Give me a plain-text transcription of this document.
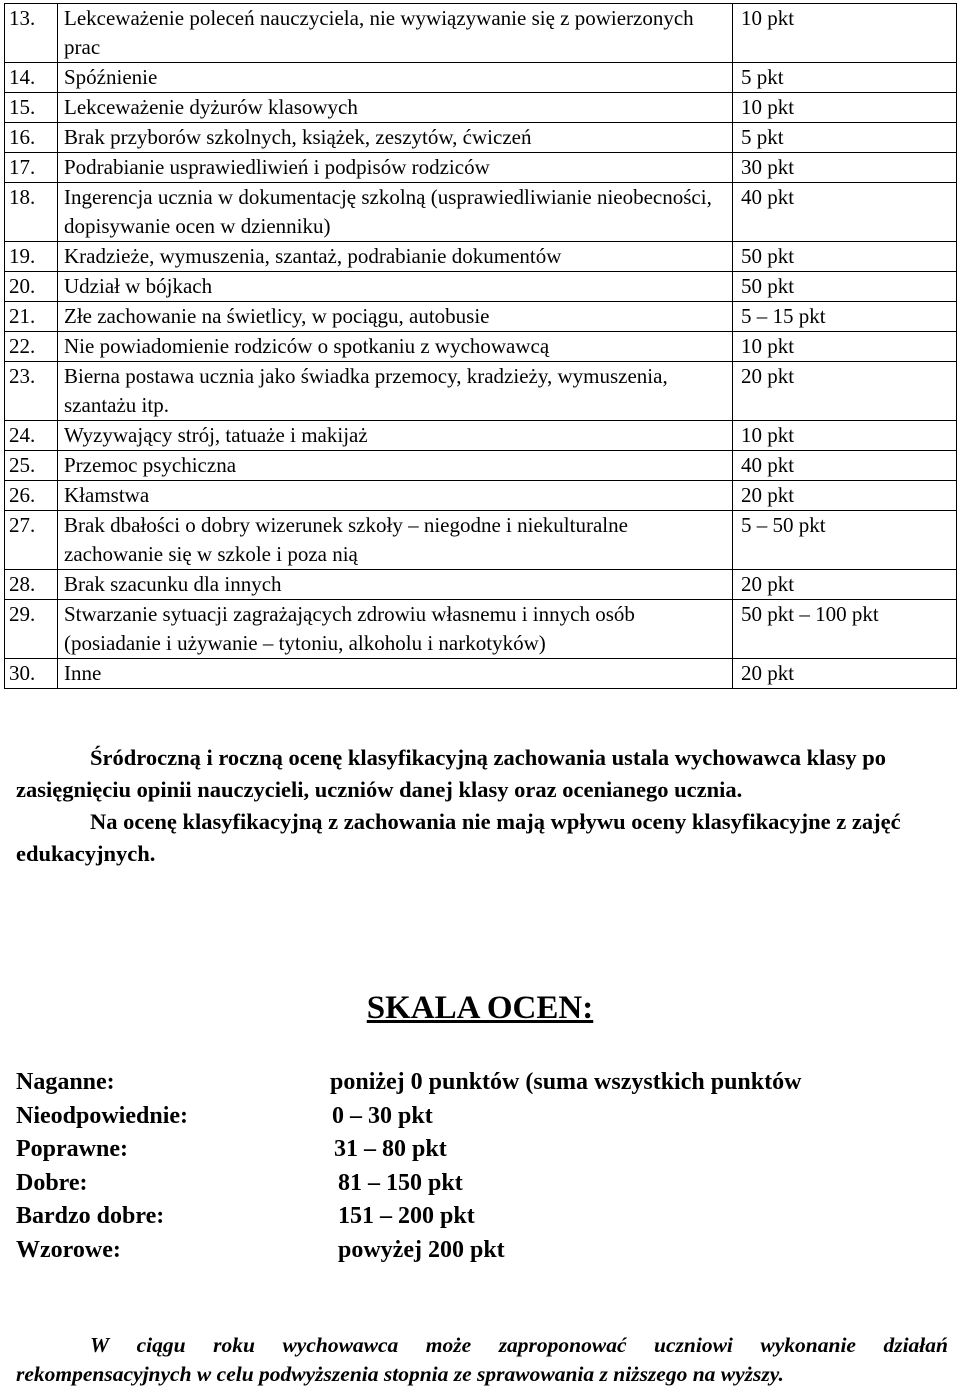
13.	Lekceważenie poleceń nauczyciela, nie wywiązywanie się z powierzonych prac	10 pkt
14.	Spóźnienie	5 pkt
15.	Lekceważenie dyżurów klasowych	10 pkt
16.	Brak przyborów szkolnych, książek, zeszytów, ćwiczeń	5 pkt
17.	Podrabianie usprawiedliwień i podpisów rodziców	30 pkt
18.	Ingerencja ucznia w dokumentację szkolną (usprawiedliwianie nieobecności, dopisywanie ocen w dzienniku)	40 pkt
19.	Kradzieże, wymuszenia, szantaż, podrabianie dokumentów	50 pkt
20.	Udział w bójkach	50 pkt
21.	Złe zachowanie na świetlicy, w pociągu, autobusie	5 – 15 pkt
22.	Nie powiadomienie rodziców o spotkaniu z wychowawcą	10 pkt
23.	Bierna postawa ucznia jako świadka przemocy, kradzieży, wymuszenia, szantażu itp.	20 pkt
24.	Wyzywający strój, tatuaże i makijaż	10 pkt
25.	Przemoc psychiczna	40 pkt
26.	Kłamstwa	20 pkt
27.	Brak dbałości o dobry wizerunek szkoły – niegodne i niekulturalne zachowanie się w szkole i poza nią	5 – 50 pkt
28.	Brak szacunku dla innych	20 pkt
29.	Stwarzanie sytuacji zagrażających zdrowiu własnemu i innych osób (posiadanie i używanie – tytoniu, alkoholu i narkotyków)	50 pkt – 100 pkt
30.	Inne	20 pkt

Śródroczną i roczną ocenę klasyfikacyjną zachowania ustala wychowawca klasy po zasięgnięciu opinii nauczycieli, uczniów danej klasy oraz ocenianego ucznia.

Na ocenę klasyfikacyjną z zachowania nie mają wpływu oceny klasyfikacyjne z zajęć edukacyjnych.

SKALA OCEN:
Naganne:	poniżej 0 punktów (suma wszystkich punktów
Nieodpowiednie:	0 – 30 pkt
Poprawne:	31 – 80 pkt
Dobre:	81 – 150 pkt
Bardzo dobre:	151 – 200 pkt
Wzorowe:	powyżej 200 pkt
W ciągu roku wychowawca może zaproponować uczniowi wykonanie działań
rekompensacyjnych w celu podwyższenia stopnia ze sprawowania z niższego na wyższy.
